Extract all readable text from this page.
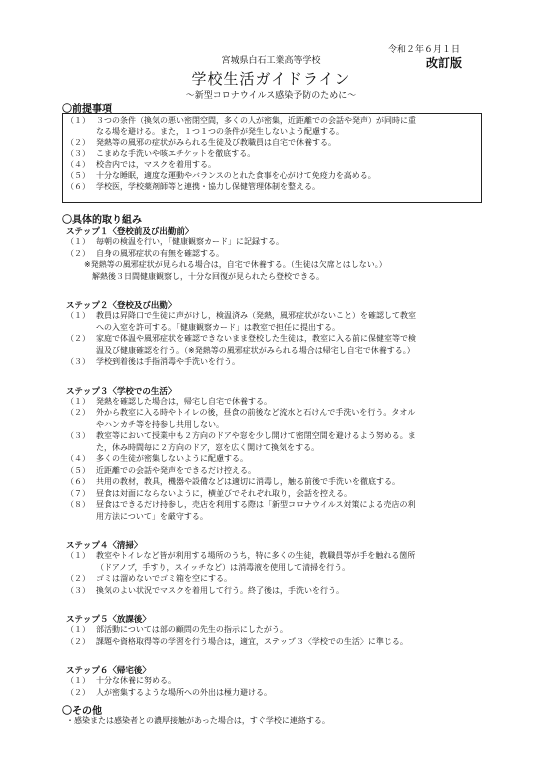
令和２年６月１日
改訂版
宮城県白石工業高等学校
学校生活ガイドライン
～新型コロナウイルス感染予防のために～
〇前提事項
（１） ３つの条件（換気の悪い密閉空間，多くの人が密集，近距離での会話や発声）が同時に重
なる場を避ける。また，１つ１つの条件が発生しないよう配慮する。
（２） 発熱等の風邪の症状がみられる生徒及び教職員は自宅で休養する。
（３） こまめな手洗いや咳エチケットを徹底する。
（４） 校舎内では，マスクを着用する。
（５） 十分な睡眠，適度な運動やバランスのとれた食事を心がけて免疫力を高める。
（６） 学校医，学校薬剤師等と連携・協力し保健管理体制を整える。
〇具体的取り組み
ステップ１〈登校前及び出勤前〉
（１） 毎朝の検温を行い，「健康観察カード」に記録する。
（２） 自身の風邪症状の有無を確認する。
※発熱等の風邪症状が見られる場合は，自宅で休養する。（生徒は欠席とはしない。）
解熱後３日間健康観察し，十分な回復が見られたら登校できる。
ステップ２〈登校及び出勤〉
（１） 教員は昇降口で生徒に声がけし，検温済み（発熱，風邪症状がないこと）を確認して教室
への入室を許可する。「健康観察カード」は教室で担任に提出する。
（２） 家庭で体温や風邪症状を確認できないまま登校した生徒は，教室に入る前に保健室等で検
温及び健康確認を行う。（※発熱等の風邪症状がみられる場合は帰宅し自宅で休養する。）
（３） 学校到着後は手指消毒や手洗いを行う。
ステップ３〈学校での生活〉
（１） 発熱を確認した場合は，帰宅し自宅で休養する。
（２） 外から教室に入る時やトイレの後，昼食の前後など流水と石けんで手洗いを行う。タオル
やハンカチ等を持参し共用しない。
（３） 教室等において授業中も２方向のドアや窓を少し開けて密閉空間を避けるよう努める。ま
た，休み時間毎に２方向のドア，窓を広く開けて換気をする。
（４） 多くの生徒が密集しないように配慮する。
（５） 近距離での会話や発声をできるだけ控える。
（６） 共用の教材，教具，機器や設備などは適切に消毒し，触る前後で手洗いを徹底する。
（７） 昼食は対面にならないように，横並びでそれぞれ取り，会話を控える。
（８） 昼食はできるだけ持参し，売店を利用する際は「新型コロナウイルス対策による売店の利
用方法について」を厳守する。
ステップ４〈清掃〉
（１） 教室やトイレなど皆が利用する場所のうち，特に多くの生徒，教職員等が手を触れる箇所
（ドアノブ，手すり，スイッチなど）は消毒液を使用して清掃を行う。
（２） ゴミは溜めないでゴミ箱を空にする。
（３） 換気のよい状況でマスクを着用して行う。終了後は，手洗いを行う。
ステップ５〈放課後〉
（１） 部活動については部の顧問の先生の指示にしたがう。
（２） 課題や資格取得等の学習を行う場合は，適宜，ステップ３〈学校での生活〉に準じる。
ステップ６〈帰宅後〉
（１） 十分な休養に努める。
（２） 人が密集するような場所への外出は極力避ける。
〇その他
・感染または感染者との濃厚接触があった場合は，すぐ学校に連絡する。
